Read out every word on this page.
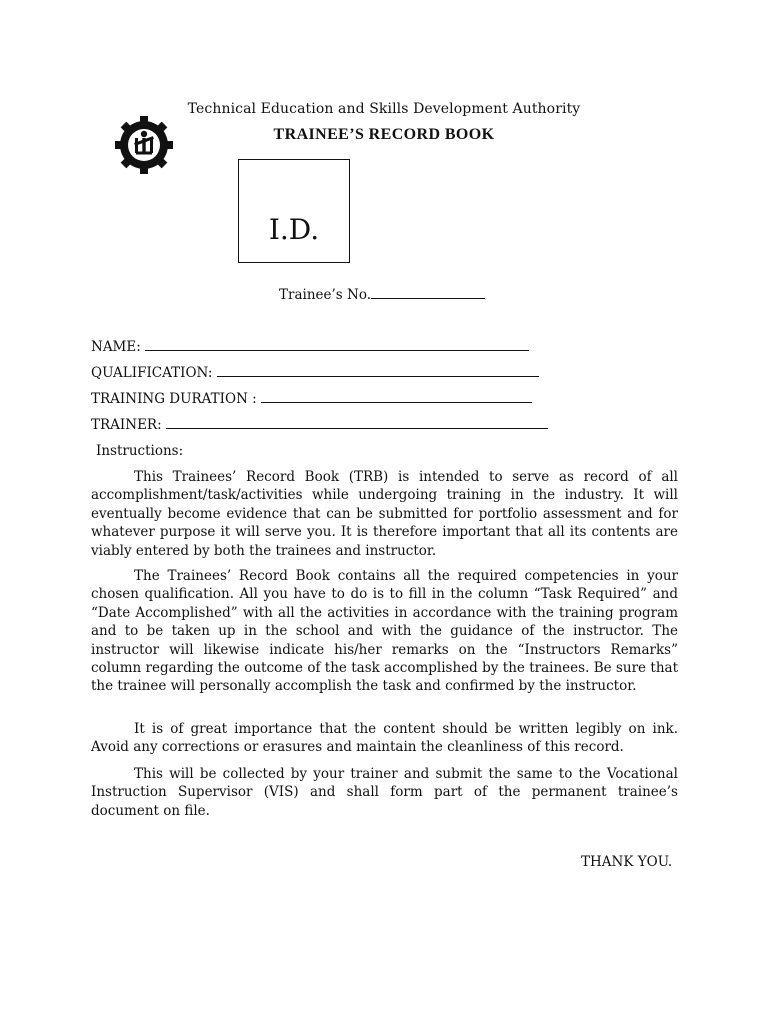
Technical Education and Skills Development Authority
TRAINEE’S RECORD BOOK
I.D.
Trainee’s No.
NAME:
QUALIFICATION:
TRAINING DURATION :
TRAINER:
Instructions:

This Trainees’ Record Book (TRB) is intended to serve as record of all accomplishment/task/activities while undergoing training in the industry. It will eventually become evidence that can be submitted for portfolio assessment and for whatever purpose it will serve you. It is therefore important that all its contents are viably entered by both the trainees and instructor.

The Trainees’ Record Book contains all the required competencies in your chosen qualification. All you have to do is to fill in the column “Task Required” and “Date Accomplished” with all the activities in accordance with the training program and to be taken up in the school and with the guidance of the instructor. The instructor will likewise indicate his/her remarks on the “Instructors Remarks” column regarding the outcome of the task accomplished by the trainees. Be sure that the trainee will personally accomplish the task and confirmed by the instructor.

It is of great importance that the content should be written legibly on ink. Avoid any corrections or erasures and maintain the cleanliness of this record.

This will be collected by your trainer and submit the same to the Vocational Instruction Supervisor (VIS) and shall form part of the permanent trainee’s document on file.

THANK YOU.
